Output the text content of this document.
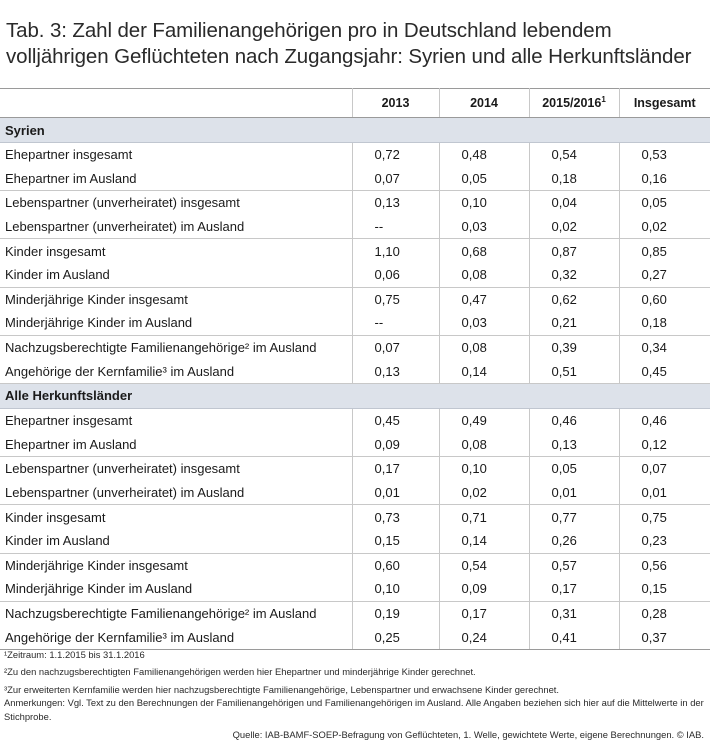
Tab. 3: Zahl der Familienangehörigen pro in Deutschland lebendem
volljährigen Geflüchteten nach Zugangsjahr: Syrien und alle Herkunftsländer
	2013	2014	2015/2016$^1$	Insgesamt
Syrien				
Ehepartner insgesamt	0,72	0,48	0,54	0,53
Ehepartner im Ausland	0,07	0,05	0,18	0,16
Lebenspartner (unverheiratet) insgesamt	0,13	0,10	0,04	0,05
Lebenspartner (unverheiratet) im Ausland	--	0,03	0,02	0,02
Kinder insgesamt	1,10	0,68	0,87	0,85
Kinder im Ausland	0,06	0,08	0,32	0,27
Minderjährige Kinder insgesamt	0,75	0,47	0,62	0,60
Minderjährige Kinder im Ausland	--	0,03	0,21	0,18
Nachzugsberechtigte Familienangehörige² im Ausland	0,07	0,08	0,39	0,34
Angehörige der Kernfamilie³ im Ausland	0,13	0,14	0,51	0,45
Alle Herkunftsländer				
Ehepartner insgesamt	0,45	0,49	0,46	0,46
Ehepartner im Ausland	0,09	0,08	0,13	0,12
Lebenspartner (unverheiratet) insgesamt	0,17	0,10	0,05	0,07
Lebenspartner (unverheiratet) im Ausland	0,01	0,02	0,01	0,01
Kinder insgesamt	0,73	0,71	0,77	0,75
Kinder im Ausland	0,15	0,14	0,26	0,23
Minderjährige Kinder insgesamt	0,60	0,54	0,57	0,56
Minderjährige Kinder im Ausland	0,10	0,09	0,17	0,15
Nachzugsberechtigte Familienangehörige² im Ausland	0,19	0,17	0,31	0,28
Angehörige der Kernfamilie³ im Ausland	0,25	0,24	0,41	0,37

¹Zeitraum: 1.1.2015 bis 31.1.2016

²Zu den nachzugsberechtigten Familienangehörigen werden hier Ehepartner und minderjährige Kinder gerechnet.

³Zur erweiterten Kernfamilie werden hier nachzugsberechtigte Familienangehörige, Lebenspartner und erwachsene Kinder gerechnet.

Anmerkungen: Vgl. Text zu den Berechnungen der Familienangehörigen und Familienangehörigen im Ausland. Alle Angaben beziehen sich hier auf die Mittelwerte in der Stichprobe.

Quelle: IAB-BAMF-SOEP-Befragung von Geflüchteten, 1. Welle, gewichtete Werte, eigene Berechnungen. © IAB.
